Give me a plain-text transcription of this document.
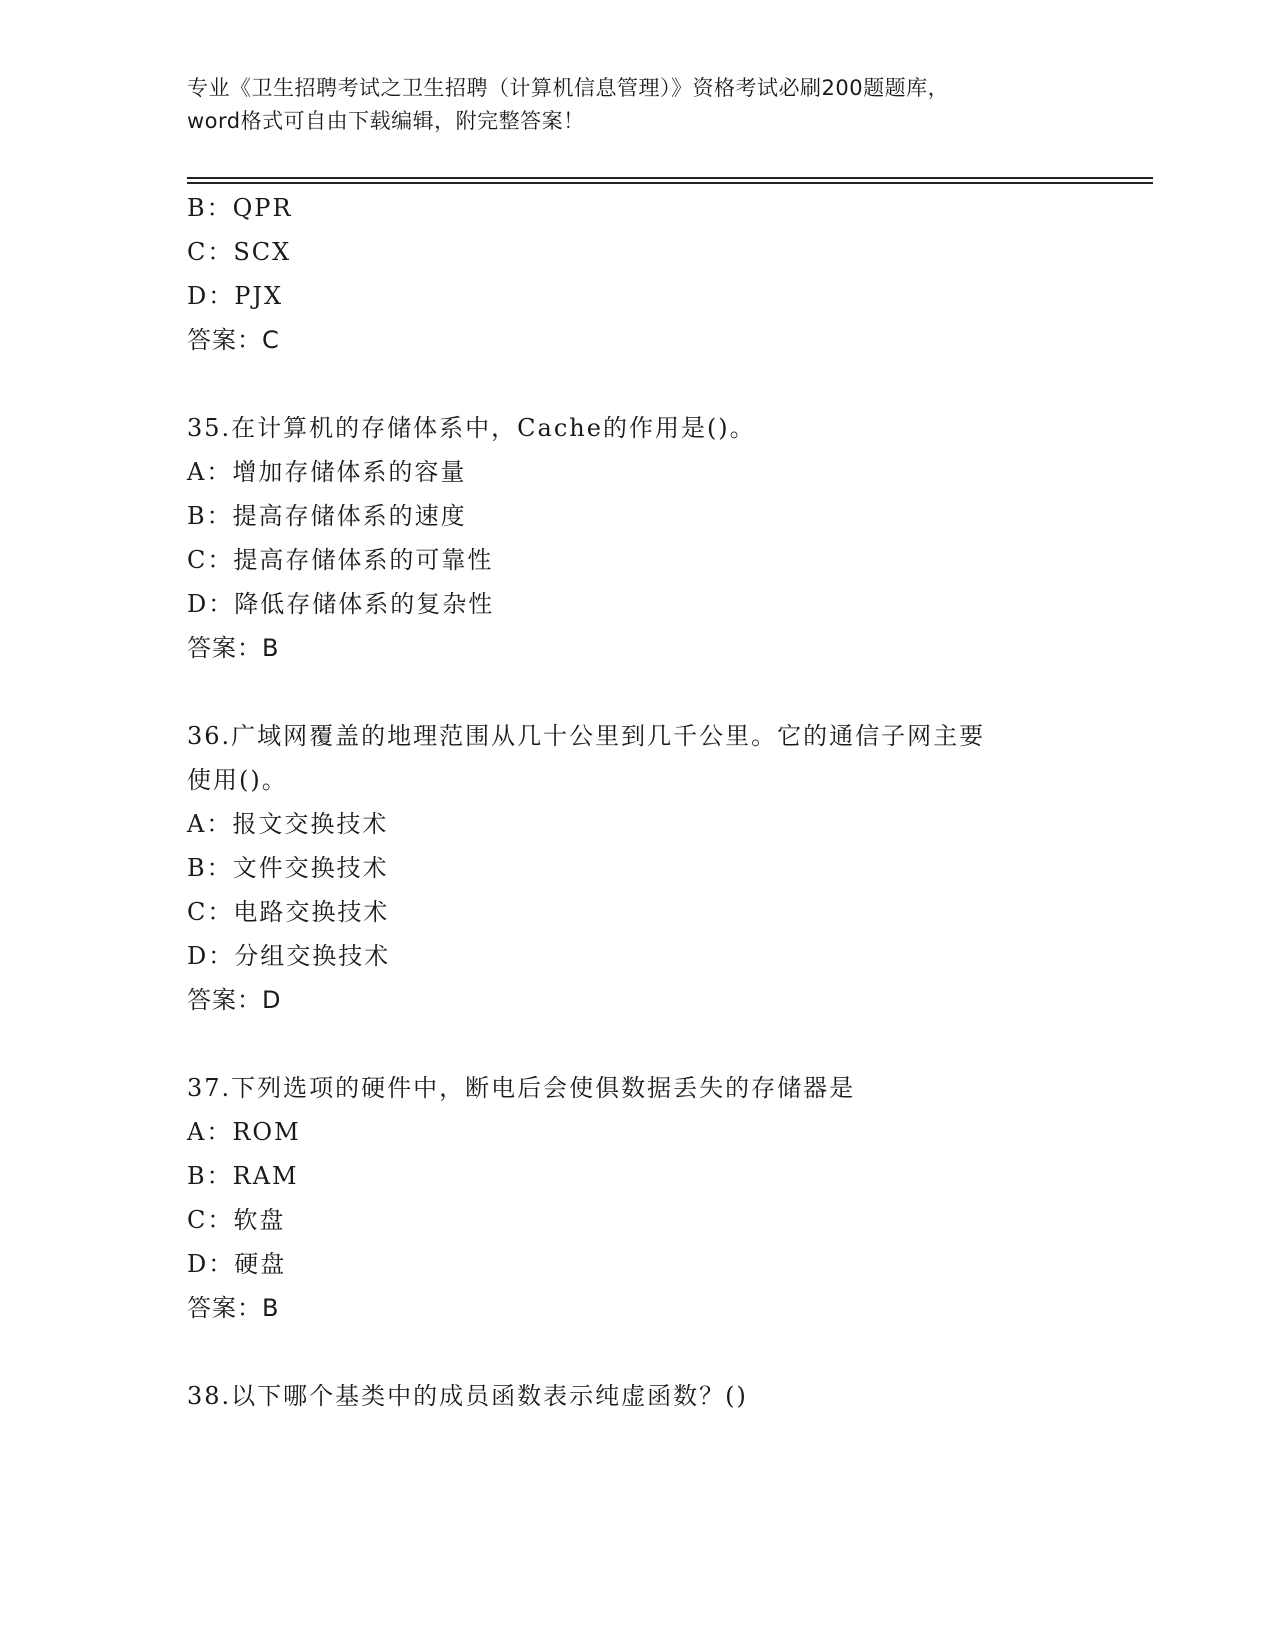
专业《卫生招聘考试之卫生招聘（计算机信息管理）》资格考试必刷200题题库，
word格式可自由下载编辑，附完整答案！
B：QPR
C：SCX
D：PJX
答案：C
35.在计算机的存储体系中，Cache的作用是()。
A：增加存储体系的容量
B：提高存储体系的速度
C：提高存储体系的可靠性
D：降低存储体系的复杂性
答案：B
36.广域网覆盖的地理范围从几十公里到几千公里。它的通信子网主要
使用()。
A：报文交换技术
B：文件交换技术
C：电路交换技术
D：分组交换技术
答案：D
37.下列选项的硬件中，断电后会使俱数据丢失的存储器是
A：ROM
B：RAM
C：软盘
D：硬盘
答案：B
38.以下哪个基类中的成员函数表示纯虚函数？()
